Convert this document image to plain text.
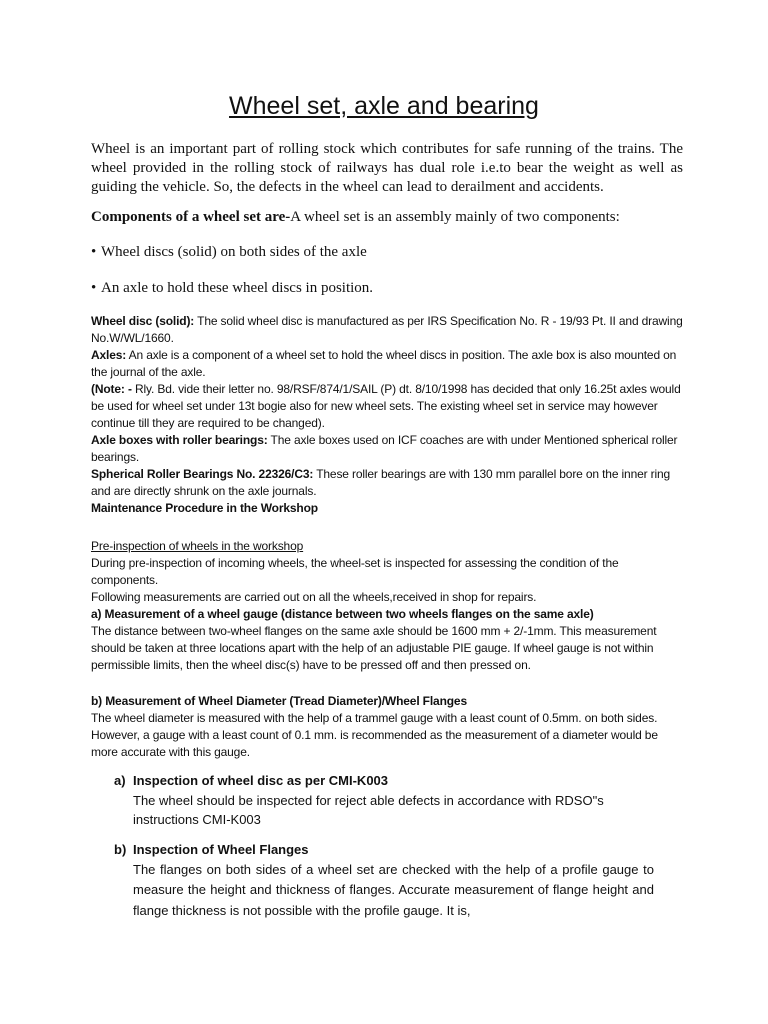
Wheel set, axle and bearing
Wheel is an important part of rolling stock which contributes for safe running of the trains. The wheel provided in the rolling stock of railways has dual role i.e.to bear the weight as well as guiding the vehicle. So, the defects in the wheel can lead to derailment and accidents.
Components of a wheel set are-A wheel set is an assembly mainly of two components:
• Wheel discs (solid) on both sides of the axle
• An axle to hold these wheel discs in position.

Wheel disc (solid): The solid wheel disc is manufactured as per IRS Specification No. R - 19/93 Pt. II and drawing No.W/WL/1660.

Axles: An axle is a component of a wheel set to hold the wheel discs in position. The axle box is also mounted on the journal of the axle.

(Note: - Rly. Bd. vide their letter no. 98/RSF/874/1/SAIL (P) dt. 8/10/1998 has decided that only 16.25t axles would be used for wheel set under 13t bogie also for new wheel sets. The existing wheel set in service may however continue till they are required to be changed).

Axle boxes with roller bearings: The axle boxes used on ICF coaches are with under Mentioned spherical roller bearings.

Spherical Roller Bearings No. 22326/C3: These roller bearings are with 130 mm parallel bore on the inner ring and are directly shrunk on the axle journals.

Maintenance Procedure in the Workshop

Pre-inspection of wheels in the workshop

During pre-inspection of incoming wheels, the wheel-set is inspected for assessing the condition of the components.

Following measurements are carried out on all the wheels,received in shop for repairs.

a) Measurement of a wheel gauge (distance between two wheels flanges on the same axle)

The distance between two-wheel flanges on the same axle should be 1600 mm + 2/-1mm. This measurement should be taken at three locations apart with the help of an adjustable PIE gauge. If wheel gauge is not within permissible limits, then the wheel disc(s) have to be pressed off and then pressed on.

b) Measurement of Wheel Diameter (Tread Diameter)/Wheel Flanges

The wheel diameter is measured with the help of a trammel gauge with a least count of 0.5mm. on both sides. However, a gauge with a least count of 0.1 mm. is recommended as the measurement of a diameter would be more accurate with this gauge.

a) Inspection of wheel disc as per CMI-K003

The wheel should be inspected for reject able defects in accordance with RDSO"s instructions CMI-K003

b) Inspection of Wheel Flanges

The flanges on both sides of a wheel set are checked with the help of a profile gauge to measure the height and thickness of flanges. Accurate measurement of flange height and flange thickness is not possible with the profile gauge. It is,
